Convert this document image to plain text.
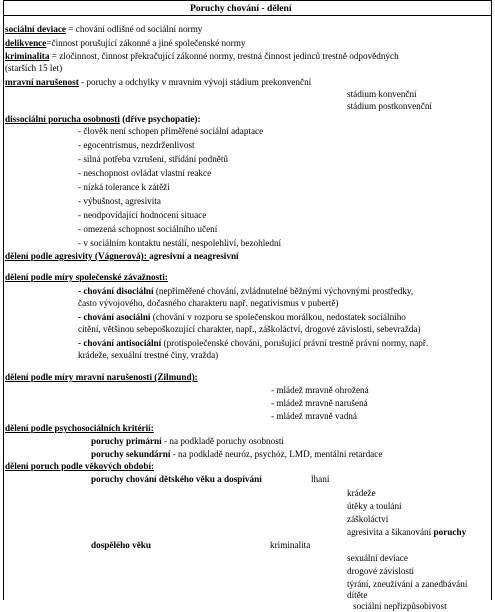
Poruchy chování - dělení
sociální deviace = chování odlišné od sociální normy
delikvence=činnost porušující zákonné a jiné společenské normy
kriminalita = zločinnost, činnost překračující zákonné normy, trestná činnost jedinců trestně odpovědných
(starších 15 let)
mravní narušenost - poruchy a odchylky v mravním vývoji stádium prekonvenční
stádium konvenční
stádium postkonvenční
dissociální porucha osobnosti (dříve psychopatie):
- člověk není schopen přiměřené sociální adaptace
- egocentrismus, nezdrženlivost
- silná potřeba vzrušení, střídání podnětů
- neschopnost ovládat vlastní reakce
- nízká tolerance k zátěži
- výbušnost, agresivita
- neodpovídající hodnocení situace
- omezená schopnost sociálního učení
- v sociálním kontaktu nestálí, nespolehliví, bezohlední
dělení podle agresivity (Vágnerová): agresivní a neagresivní
dělení podle míry společenské závažnosti:
- chování disociální (nepřiměřené chování, zvládnutelné běžnými výchovnými prostředky,
často vývojového, dočasného charakteru např. negativismus v pubertě)
- chování asociální (chování v rozporu se společenskou morálkou, nedostatek sociálního
cítění, většinou sebepoškozující charakter, např., záškoláctví, drogové závislosti, sebevražda)
- chování antisociální (protispolečenské chování, porušující právní trestně právní normy, např.
krádeže, sexuální trestné činy, vražda)
dělení podle míry mravní narušenosti (Zilmund):
- mládež mravně ohrožená
- mládež mravně narušená
- mládež mravně vadná
dělení podle psychosociálních kritérií:
poruchy primární - na podkladě poruchy osobnosti
poruchy sekundární - na podkladě neuróz, psychóz, LMD, mentální retardace
dělení poruch podle věkových období:
poruchy chování dětského věku a dospívání	lhaní
krádeže
útěky a toulání
záškoláctví
agresivita a šikanování poruchy
dospělého věku	kriminalita
sexuální deviace
drogové závislosti
týrání, zneužívání a zanedbávání
dítěte
sociální nepřizpůsobivost
